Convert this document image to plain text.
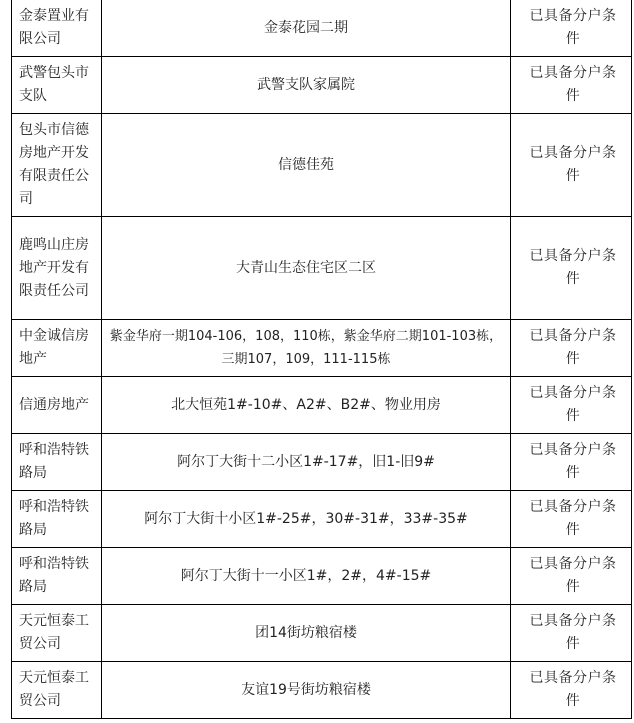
金泰置业有限公司	金泰花园二期	已具备分户条件

武警包头市支队	武警支队家属院	已具备分户条件

包头市信德房地产开发有限责任公司	信德佳苑	已具备分户条件

鹿鸣山庄房地产开发有限责任公司	大青山生态住宅区二区	已具备分户条件

中金诚信房地产	紫金华府一期104-106，108，110栋，紫金华府二期101-103栋，三期107，109，111-115栋	已具备分户条件

信通房地产	北大恒苑1#-10#、A2#、B2#、物业用房	已具备分户条件

呼和浩特铁路局	阿尔丁大街十二小区1#-17#，旧1-旧9#	已具备分户条件

呼和浩特铁路局	阿尔丁大街十小区1#-25#，30#-31#，33#-35#	已具备分户条件

呼和浩特铁路局	阿尔丁大街十一小区1#，2#，4#-15#	已具备分户条件

天元恒泰工贸公司	团14街坊粮宿楼	已具备分户条件

天元恒泰工贸公司	友谊19号街坊粮宿楼	已具备分户条件
